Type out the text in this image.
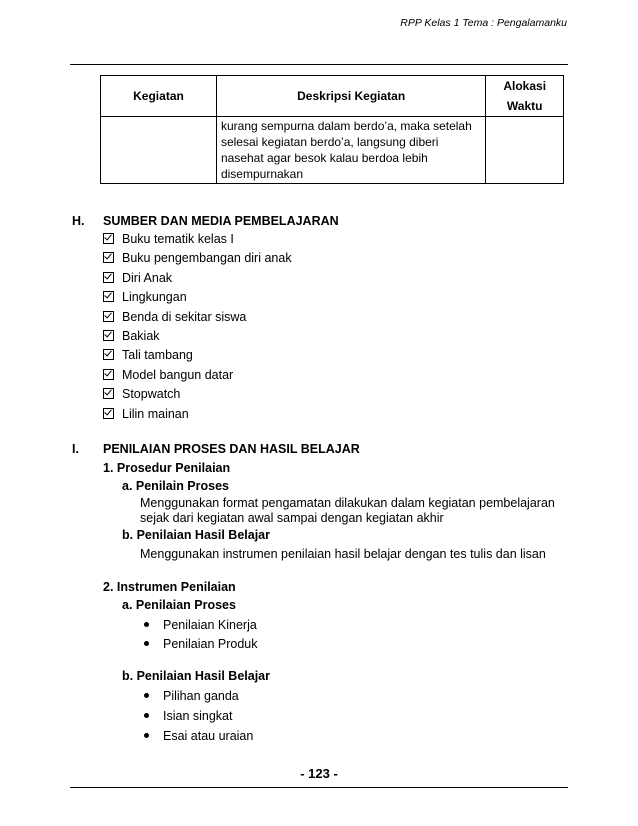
RPP Kelas 1 Tema : Pengalamanku
Kegiatan	Deskripsi Kegiatan	Alokasi
Waktu

	kurang sempurna dalam berdo’a, maka setelah
selesai kegiatan berdo’a, langsung diberi
nasehat agar besok kalau berdoa lebih
disempurnakan	

H. SUMBER DAN MEDIA PEMBELAJARAN
Buku tematik kelas I
Buku pengembangan diri anak
Diri Anak
Lingkungan
Benda di sekitar siswa
Bakiak
Tali tambang
Model bangun datar
Stopwatch
Lilin mainan
I. PENILAIAN PROSES DAN HASIL BELAJAR
1. Prosedur Penilaian
a. Penilain Proses
Menggunakan format pengamatan dilakukan dalam kegiatan pembelajaran
sejak dari kegiatan awal sampai dengan kegiatan akhir
b. Penilaian Hasil Belajar
Menggunakan instrumen penilaian hasil belajar dengan tes tulis dan lisan
2. Instrumen Penilaian
a. Penilaian Proses
Penilaian Kinerja
Penilaian Produk
b. Penilaian Hasil Belajar
Pilihan ganda
Isian singkat
Esai atau uraian
- 123 -
